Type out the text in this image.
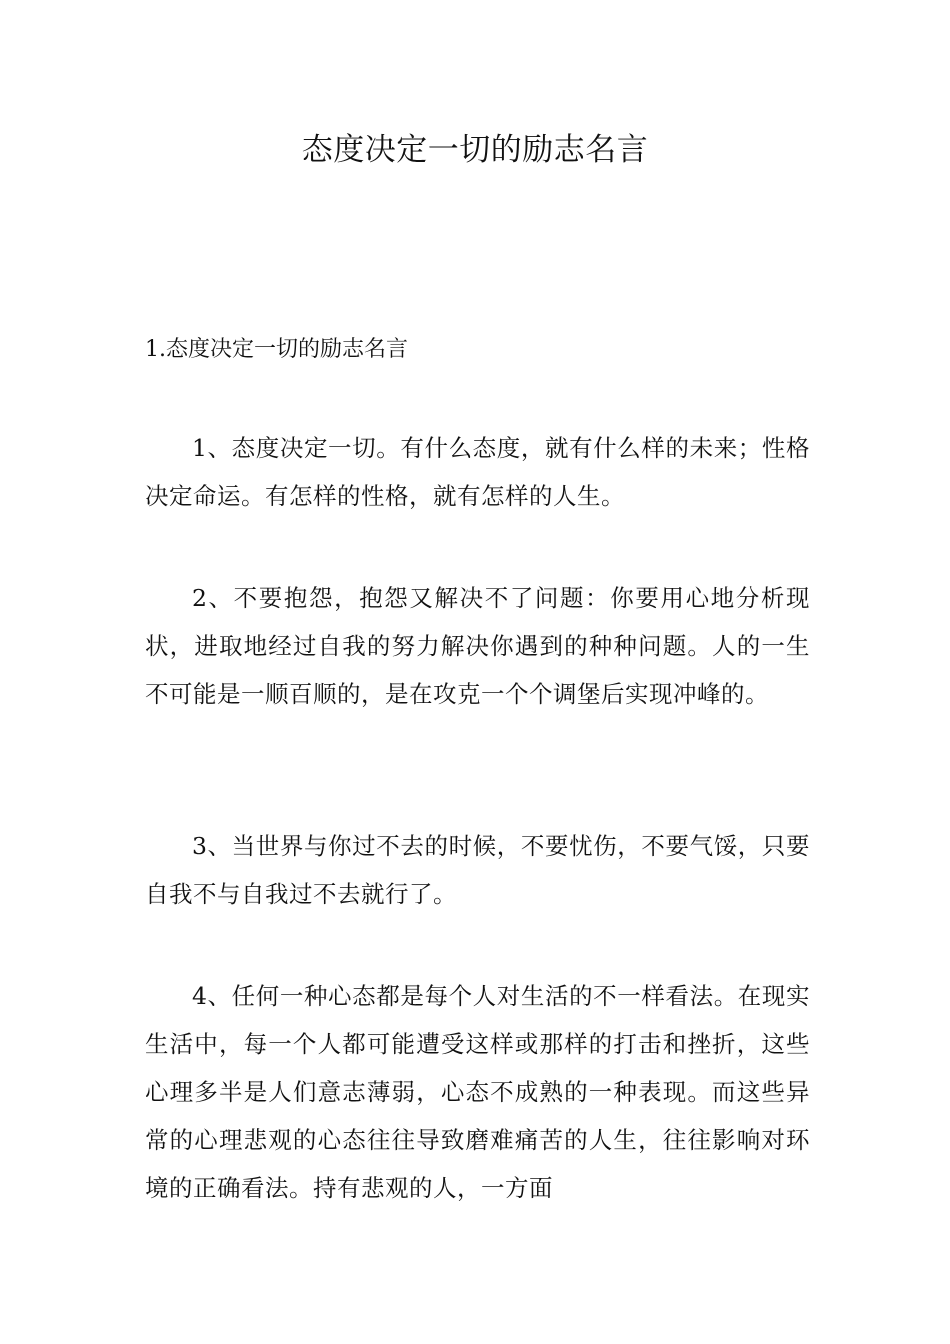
态度决定一切的励志名言
1.态度决定一切的励志名言

1、态度决定一切。有什么态度，就有什么样的未来；性格决定命运。有怎样的性格，就有怎样的人生。

2、不要抱怨，抱怨又解决不了问题：你要用心地分析现状，进取地经过自我的努力解决你遇到的种种问题。人的一生不可能是一顺百顺的，是在攻克一个个调堡后实现冲峰的。

3、当世界与你过不去的时候，不要忧伤，不要气馁，只要自我不与自我过不去就行了。

4、任何一种心态都是每个人对生活的不一样看法。在现实生活中，每一个人都可能遭受这样或那样的打击和挫折，这些心理多半是人们意志薄弱，心态不成熟的一种表现。而这些异常的心理悲观的心态往往导致磨难痛苦的人生，往往影响对环境的正确看法。持有悲观的人，一方面
